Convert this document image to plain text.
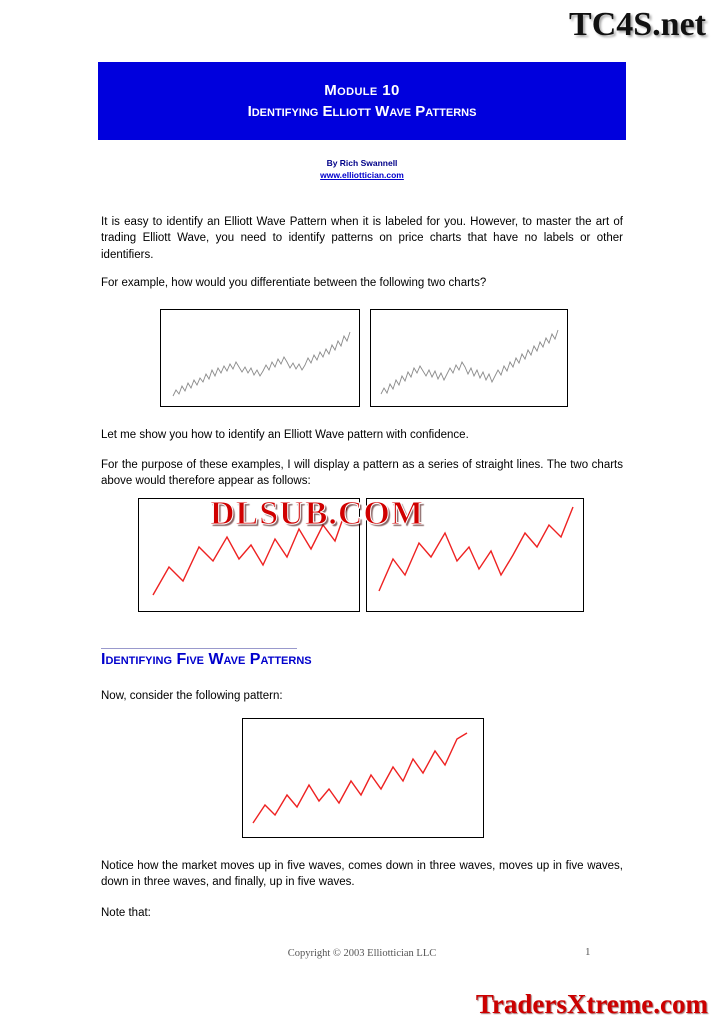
TC4S.net
Module 10
Identifying Elliott Wave Patterns
By Rich Swannell
www.elliottician.com
It is easy to identify an Elliott Wave Pattern when it is labeled for you. However, to master the art of trading Elliott Wave, you need to identify patterns on price charts that have no labels or other identifiers.
For example, how would you differentiate between the following two charts?
Let me show you how to identify an Elliott Wave pattern with confidence.
For the purpose of these examples, I will display a pattern as a series of straight lines. The two charts above would therefore appear as follows:
DLSUB.COM
Identifying Five Wave Patterns
Now, consider the following pattern:
Notice how the market moves up in five waves, comes down in three waves, moves up in five waves, down in three waves, and finally, up in five waves.
Note that:
Copyright © 2003 Elliottician LLC	1
TradersXtreme.com
